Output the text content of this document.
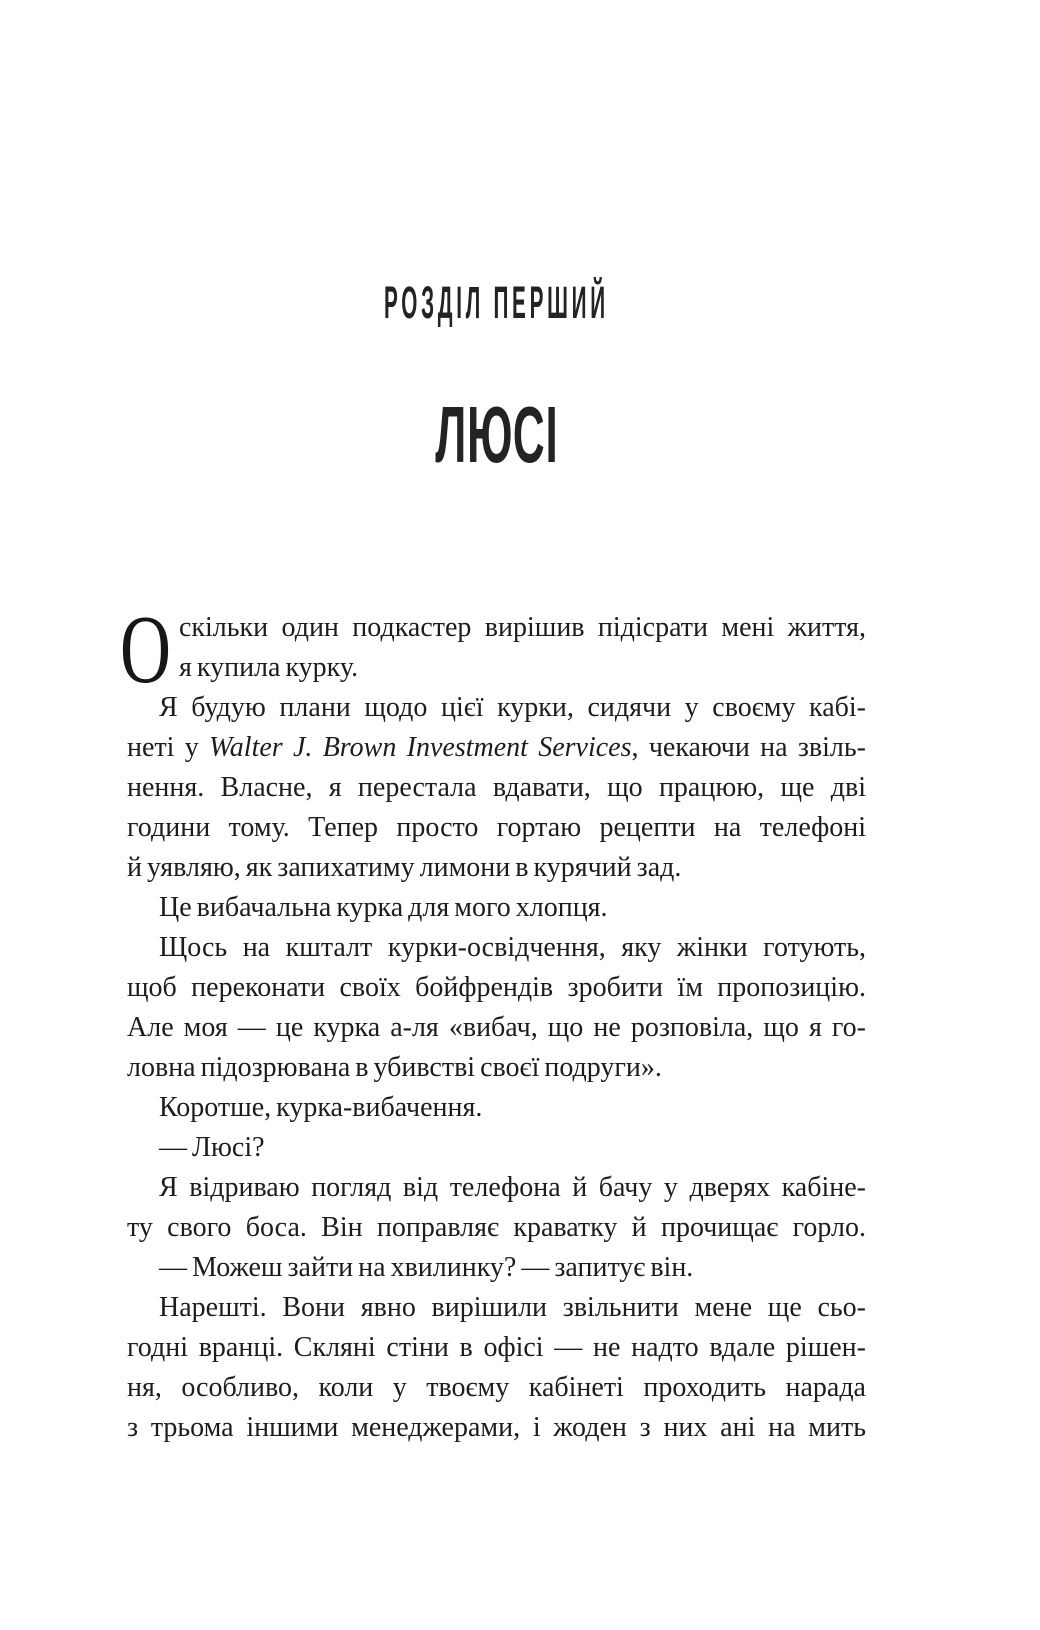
РОЗДІЛ ПЕРШИЙ
ЛЮСІ
О скільки один подкастер вирішив підісрати мені життя,
я купила курку.
Я будую плани щодо цієї курки, сидячи у своєму кабі-
неті у Walter J. Brown Investment Services, чекаючи на звіль-
нення. Власне, я перестала вдавати, що працюю, ще дві
години тому. Тепер просто гортаю рецепти на телефоні
й уявляю, як запихатиму лимони в курячий зад.
Це вибачальна курка для мого хлопця.
Щось на кшталт курки-освідчення, яку жінки готують,
щоб переконати своїх бойфрендів зробити їм пропозицію.
Але моя — це курка а-ля «вибач, що не розповіла, що я го-
ловна підозрювана в убивстві своєї подруги».
Коротше, курка-вибачення.
— Люсі?
Я відриваю погляд від телефона й бачу у дверях кабіне-
ту свого боса. Він поправляє краватку й прочищає горло.
— Можеш зайти на хвилинку? — запитує він.
Нарешті. Вони явно вирішили звільнити мене ще сьо-
годні вранці. Скляні стіни в офісі — не надто вдале рішен-
ня, особливо, коли у твоєму кабінеті проходить нарада
з трьома іншими менеджерами, і жоден з них ані на мить
